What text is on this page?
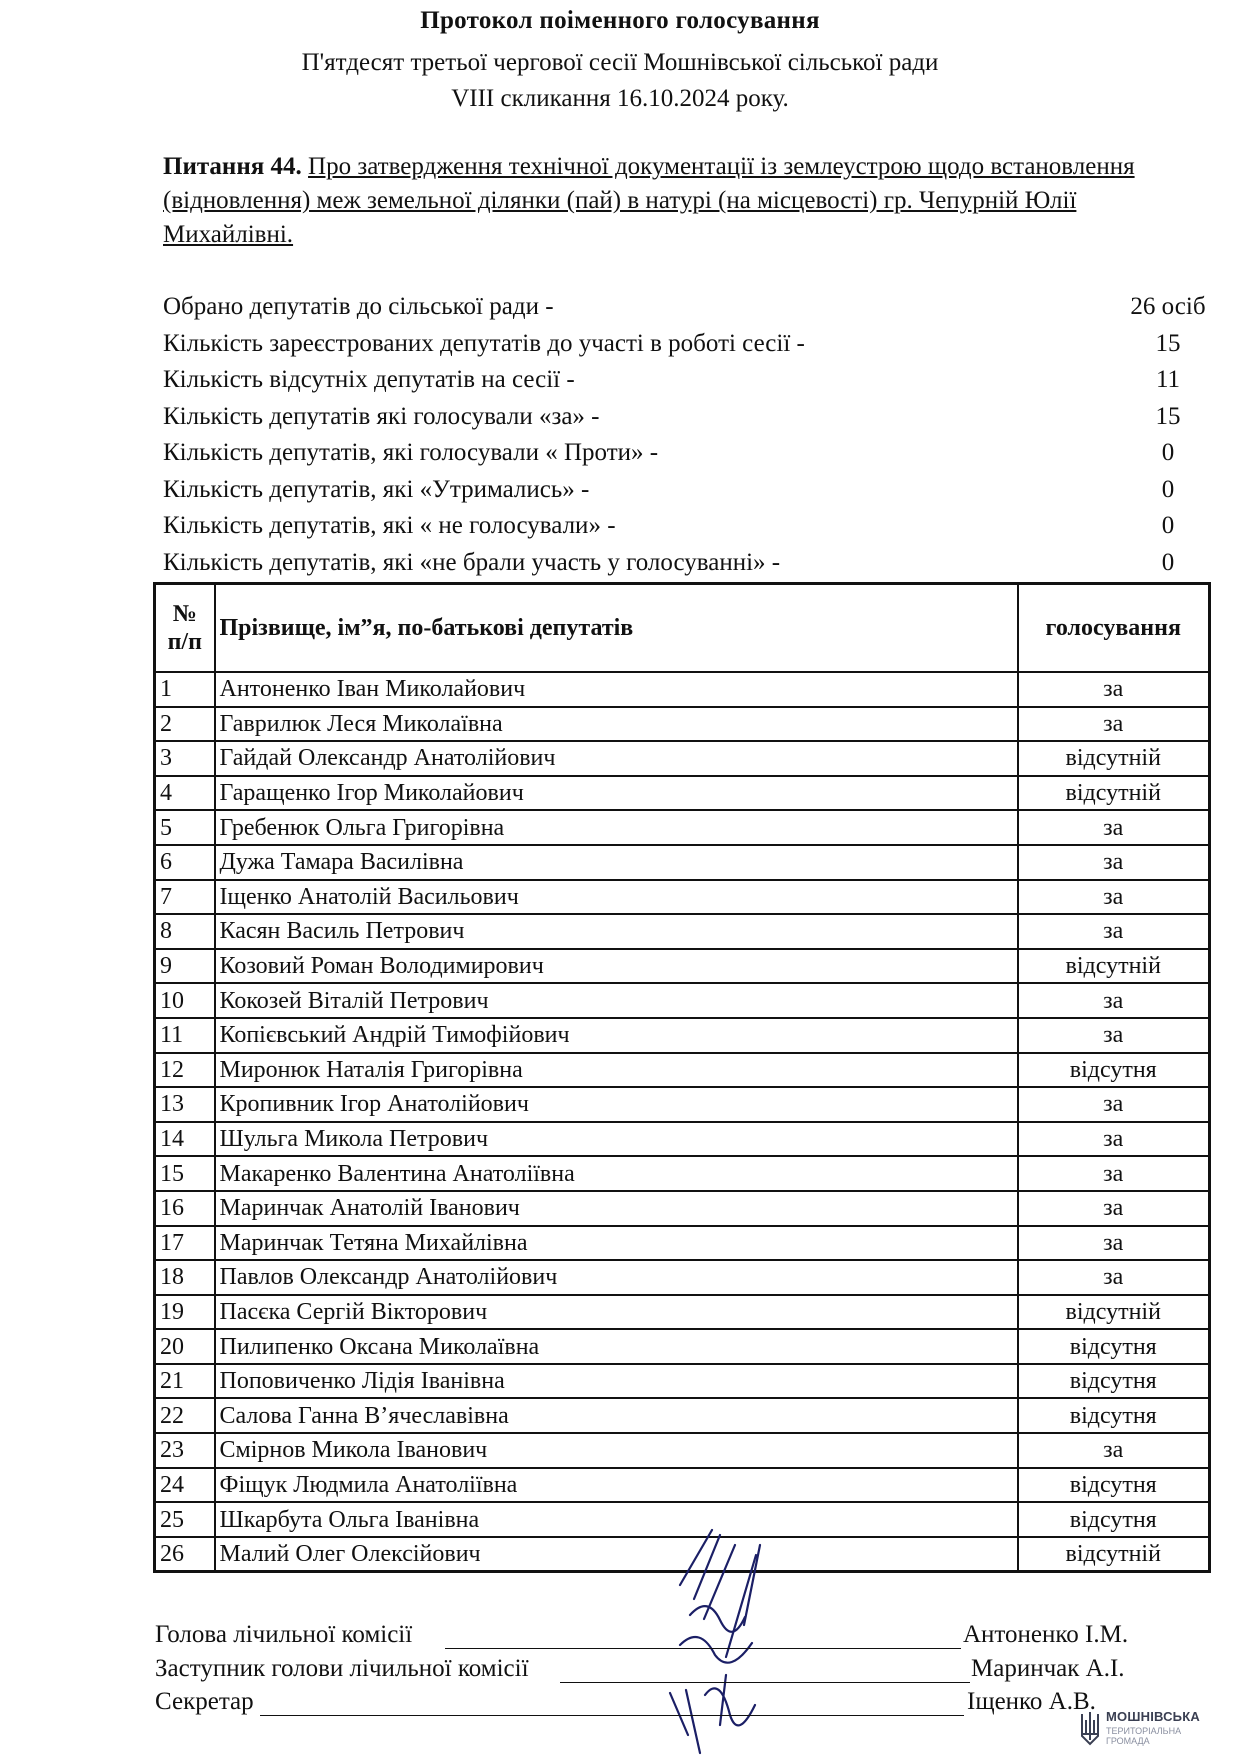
Протокол поіменного голосування
П'ятдесят третьої чергової сесії Мошнівської сільської ради
VIII скликання 16.10.2024 року.
Питання 44. Про затвердження технічної документації із землеустрою щодо встановлення (відновлення) меж земельної ділянки (пай) в натурі (на місцевості) гр. Чепурній Юлії Михайлівні.
Обрано депутатів до сільської ради -	26 осіб
Кількість зареєстрованих депутатів до участі в роботі сесії -	15
Кількість відсутніх депутатів на сесії -	11
Кількість депутатів які голосували «за» -	15
Кількість депутатів, які голосували « Проти» -	0
Кількість депутатів, які «Утримались» -	0
Кількість депутатів, які « не голосували» -	0
Кількість депутатів, які «не брали участь у голосуванні» -	0
№
п/п	Прізвище, ім”я, по-батькові депутатів	голосування
1	Антоненко Іван Миколайович	за
2	Гаврилюк Леся Миколаївна	за
3	Гайдай Олександр Анатолійович	відсутній
4	Гаращенко Ігор Миколайович	відсутній
5	Гребенюк Ольга Григорівна	за
6	Дужа Тамара Василівна	за
7	Іщенко Анатолій Васильович	за
8	Касян Василь Петрович	за
9	Козовий Роман Володимирович	відсутній
10	Кокозей Віталій Петрович	за
11	Копієвський Андрій Тимофійович	за
12	Миронюк Наталія Григорівна	відсутня
13	Кропивник Ігор Анатолійович	за
14	Шульга Микола Петрович	за
15	Макаренко Валентина Анатоліївна	за
16	Маринчак Анатолій Іванович	за
17	Маринчак Тетяна Михайлівна	за
18	Павлов Олександр Анатолійович	за
19	Пасєка Сергій Вікторович	відсутній
20	Пилипенко Оксана Миколаївна	відсутня
21	Поповиченко Лідія Іванівна	відсутня
22	Салова Ганна В’ячеславівна	відсутня
23	Смірнов Микола Іванович	за
24	Фіщук Людмила Анатоліївна	відсутня
25	Шкарбута Ольга Іванівна	відсутня
26	Малий Олег Олексійович	відсутній
Голова лічильної комісії	Антоненко І.М.
Заступник голови лічильної комісії	Маринчак А.І.
Секретар	Іщенко А.В.
МОШНІВСЬКА
ТЕРИТОРІАЛЬНА
ГРОМАДА
